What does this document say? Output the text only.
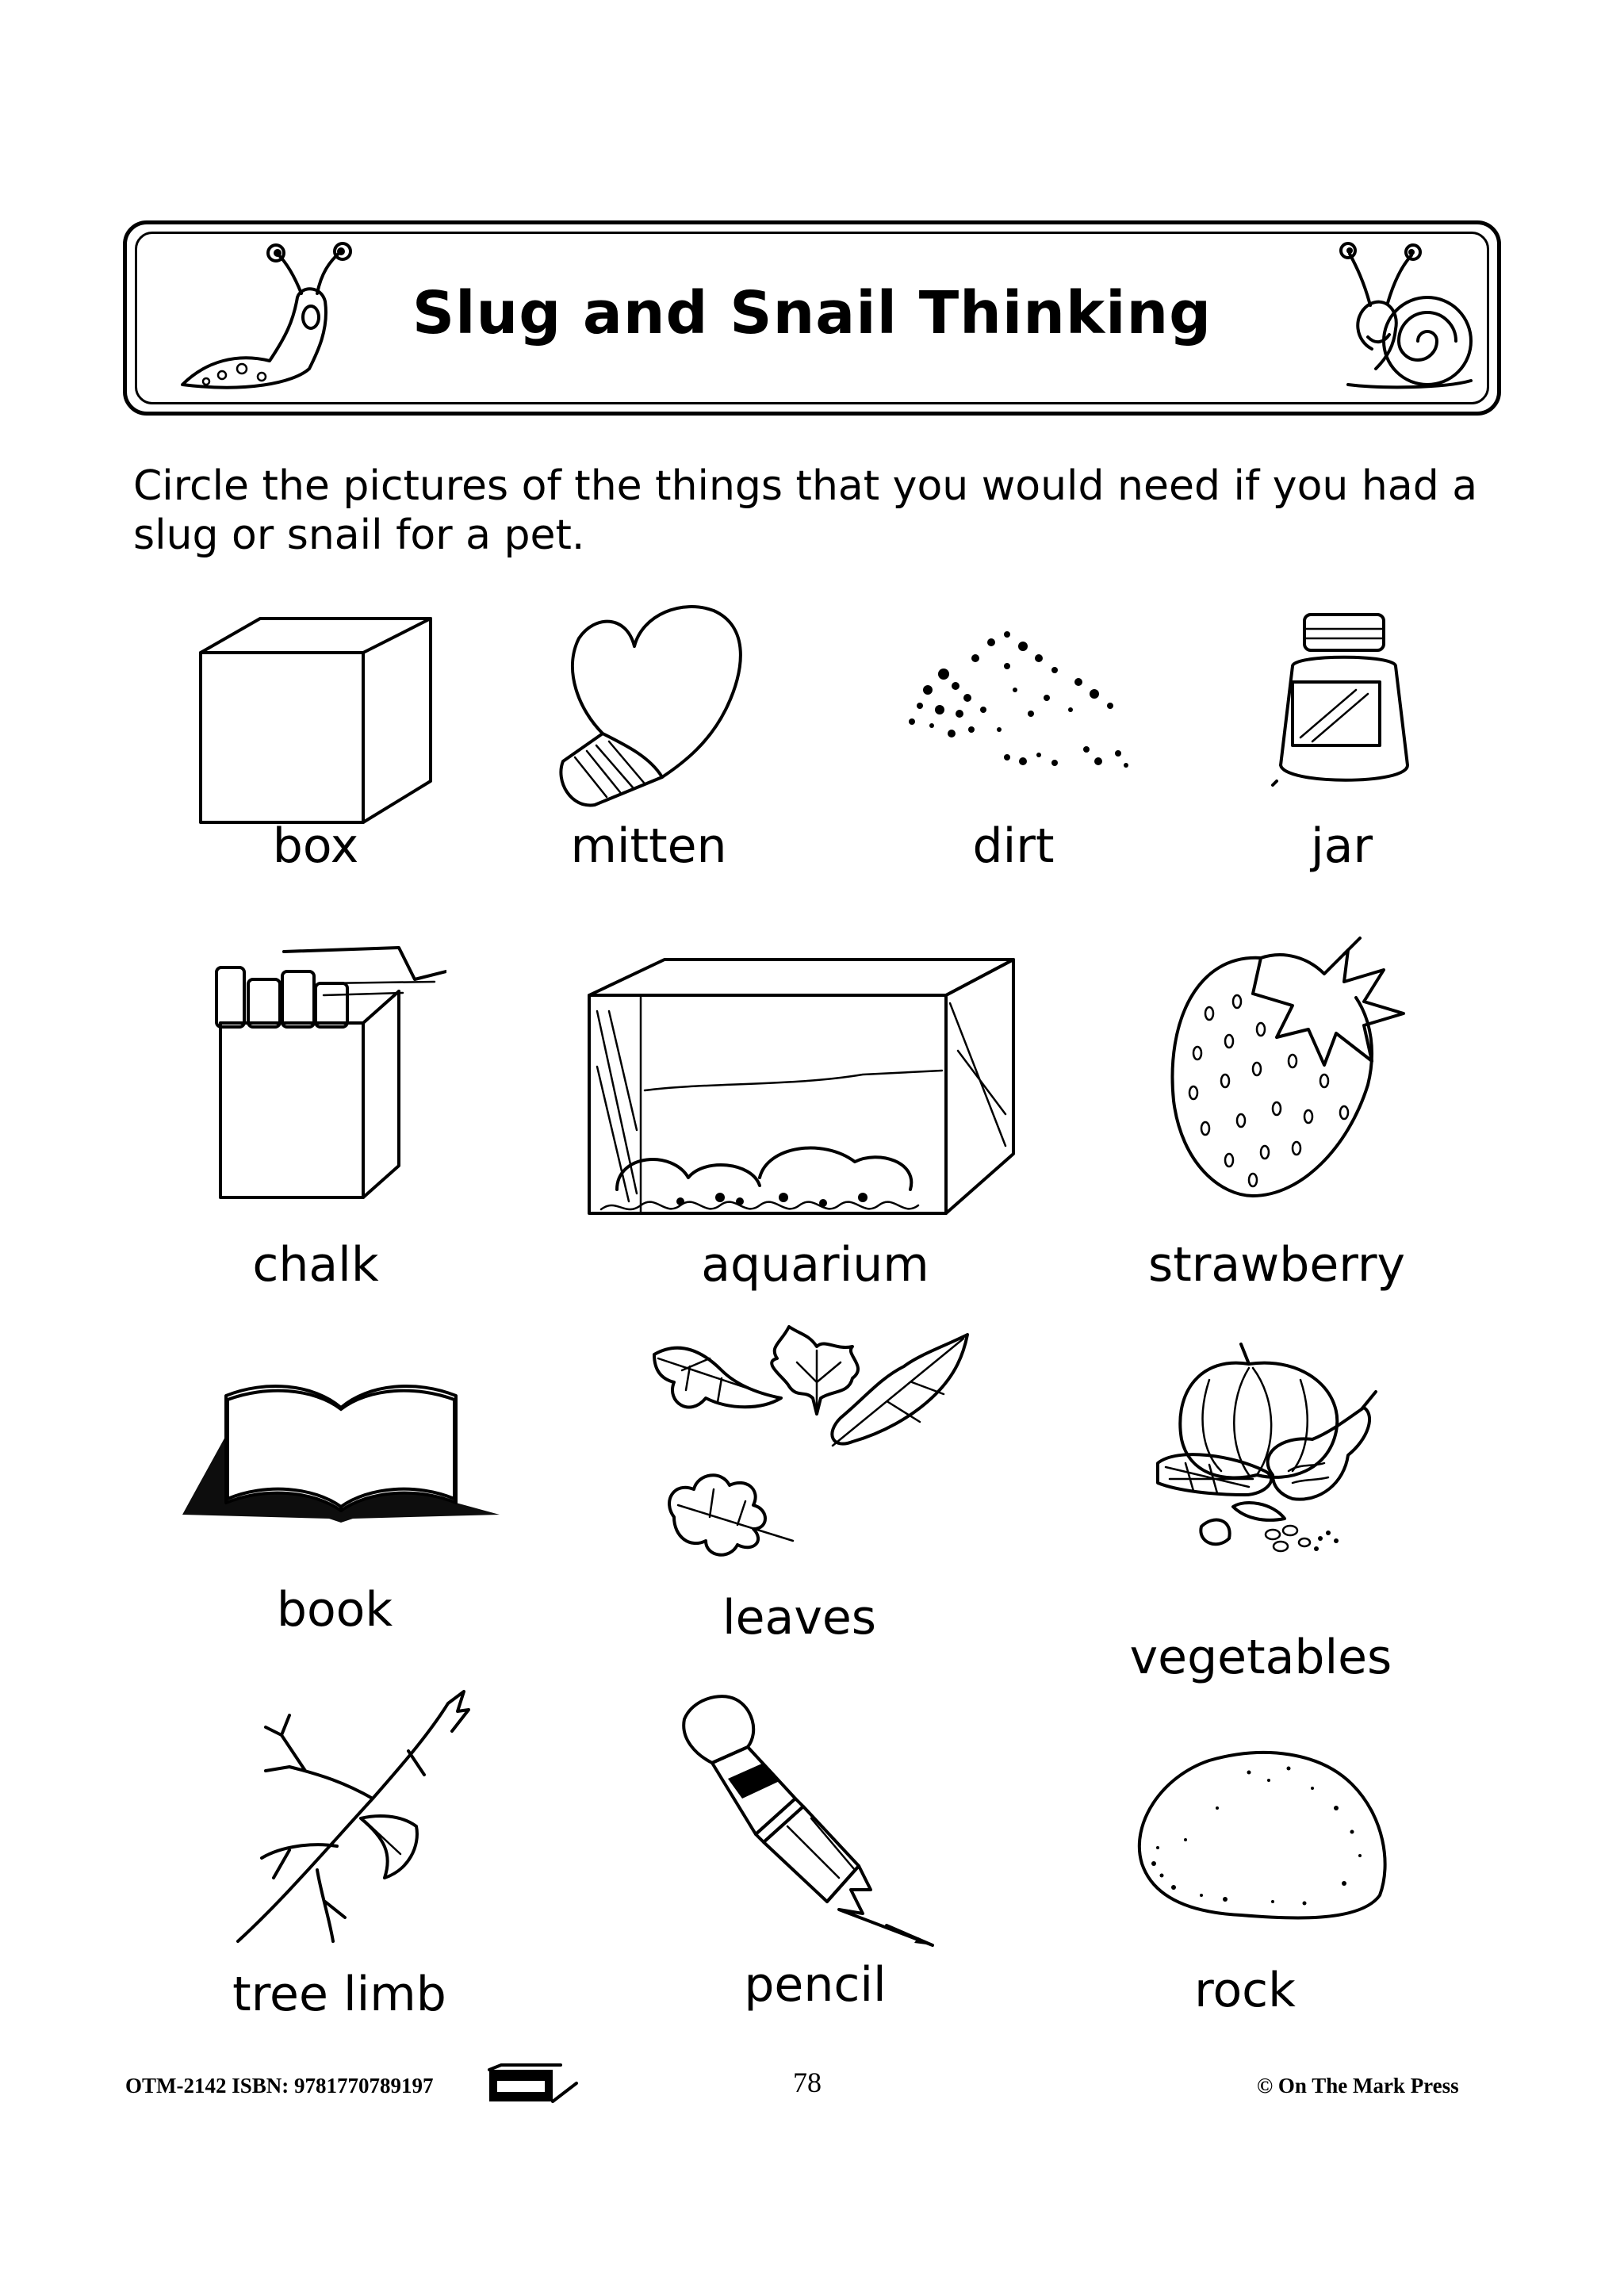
Slug and Snail Thinking
Circle the pictures of the things that you would need if you had a slug or snail for a pet.
box	mitten	dirt	jar
chalk	aquarium	strawberry
book	leaves
vegetables
tree limb	pencil	rock
OTM-2142 ISBN: 9781770789197	78	© On The Mark Press
